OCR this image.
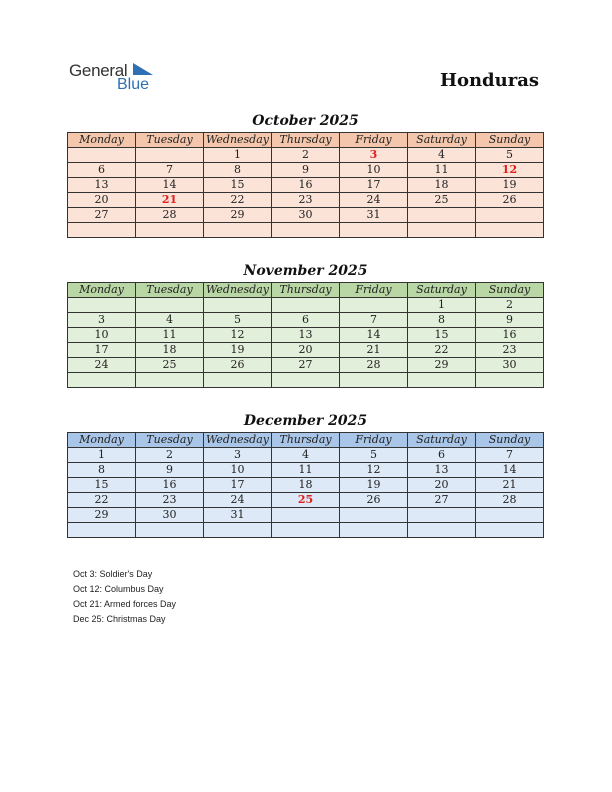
General
Blue	Honduras
October 2025
Monday	Tuesday	Wednesday	Thursday	Friday	Saturday	Sunday
		1	2	3	4	5
6	7	8	9	10	11	12
13	14	15	16	17	18	19
20	21	22	23	24	25	26
27	28	29	30	31		

November 2025
Monday	Tuesday	Wednesday	Thursday	Friday	Saturday	Sunday
					1	2
3	4	5	6	7	8	9
10	11	12	13	14	15	16
17	18	19	20	21	22	23
24	25	26	27	28	29	30

December 2025
Monday	Tuesday	Wednesday	Thursday	Friday	Saturday	Sunday
1	2	3	4	5	6	7
8	9	10	11	12	13	14
15	16	17	18	19	20	21
22	23	24	25	26	27	28
29	30	31				

Oct 3: Soldier's Day
Oct 12: Columbus Day
Oct 21: Armed forces Day
Dec 25: Christmas Day
